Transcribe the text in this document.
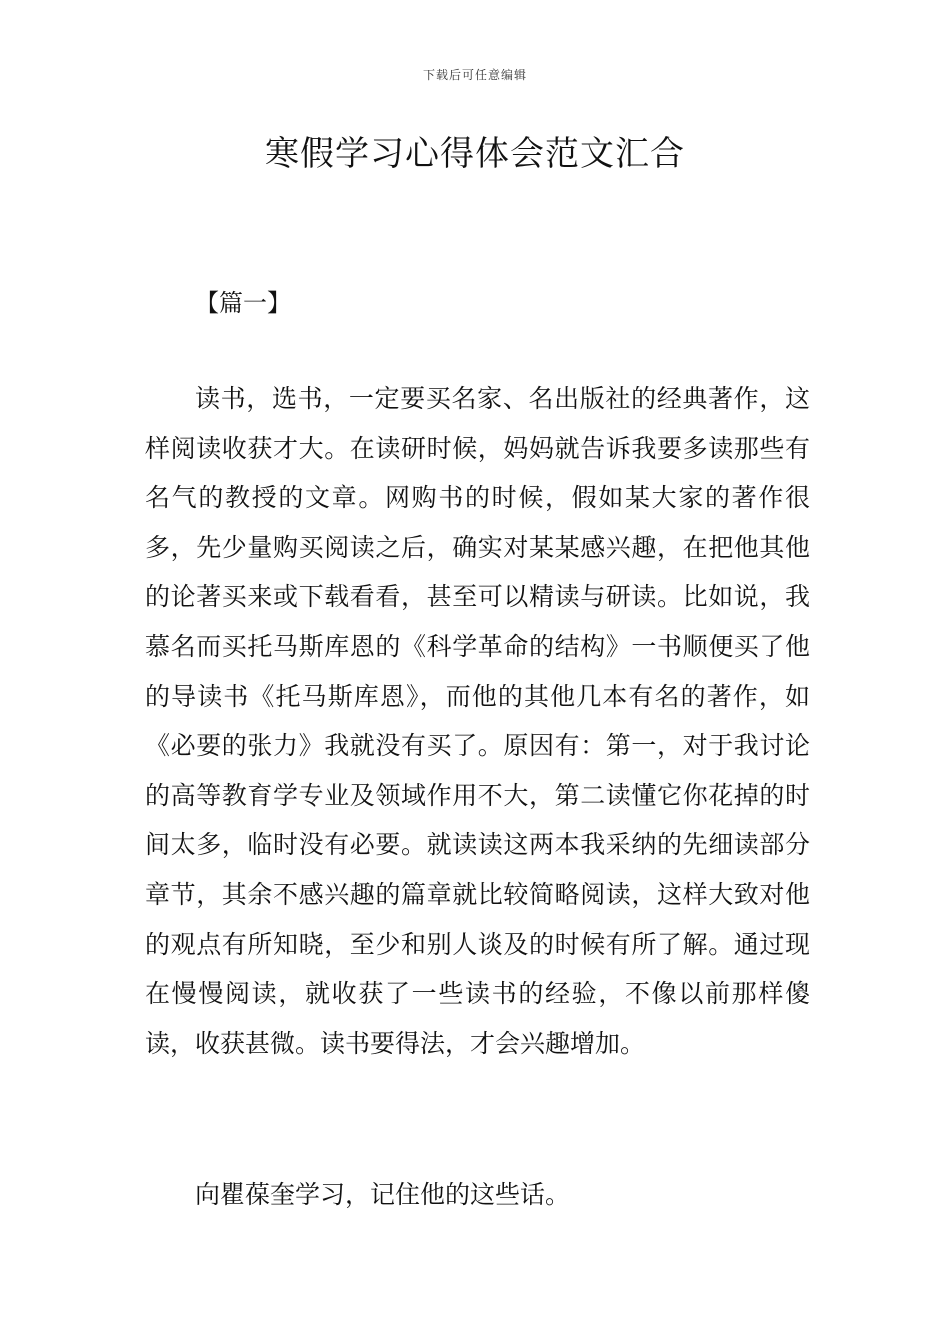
下载后可任意编辑
寒假学习心得体会范文汇合
【篇一】

读书，选书，一定要买名家、名出版社的经典著作，这样阅读收获才大。在读研时候，妈妈就告诉我要多读那些有名气的教授的文章。网购书的时候，假如某大家的著作很多，先少量购买阅读之后，确实对某某感兴趣，在把他其他的论著买来或下载看看，甚至可以精读与研读。比如说，我慕名而买托马斯库恩的《科学革命的结构》一书顺便买了他的导读书《托马斯库恩》，而他的其他几本有名的著作，如《必要的张力》我就没有买了。原因有：第一，对于我讨论的高等教育学专业及领域作用不大，第二读懂它你花掉的时间太多，临时没有必要。就读读这两本我采纳的先细读部分章节，其余不感兴趣的篇章就比较简略阅读，这样大致对他的观点有所知晓，至少和别人谈及的时候有所了解。通过现在慢慢阅读，就收获了一些读书的经验，不像以前那样傻读，收获甚微。读书要得法，才会兴趣增加。

向瞿葆奎学习，记住他的这些话。
